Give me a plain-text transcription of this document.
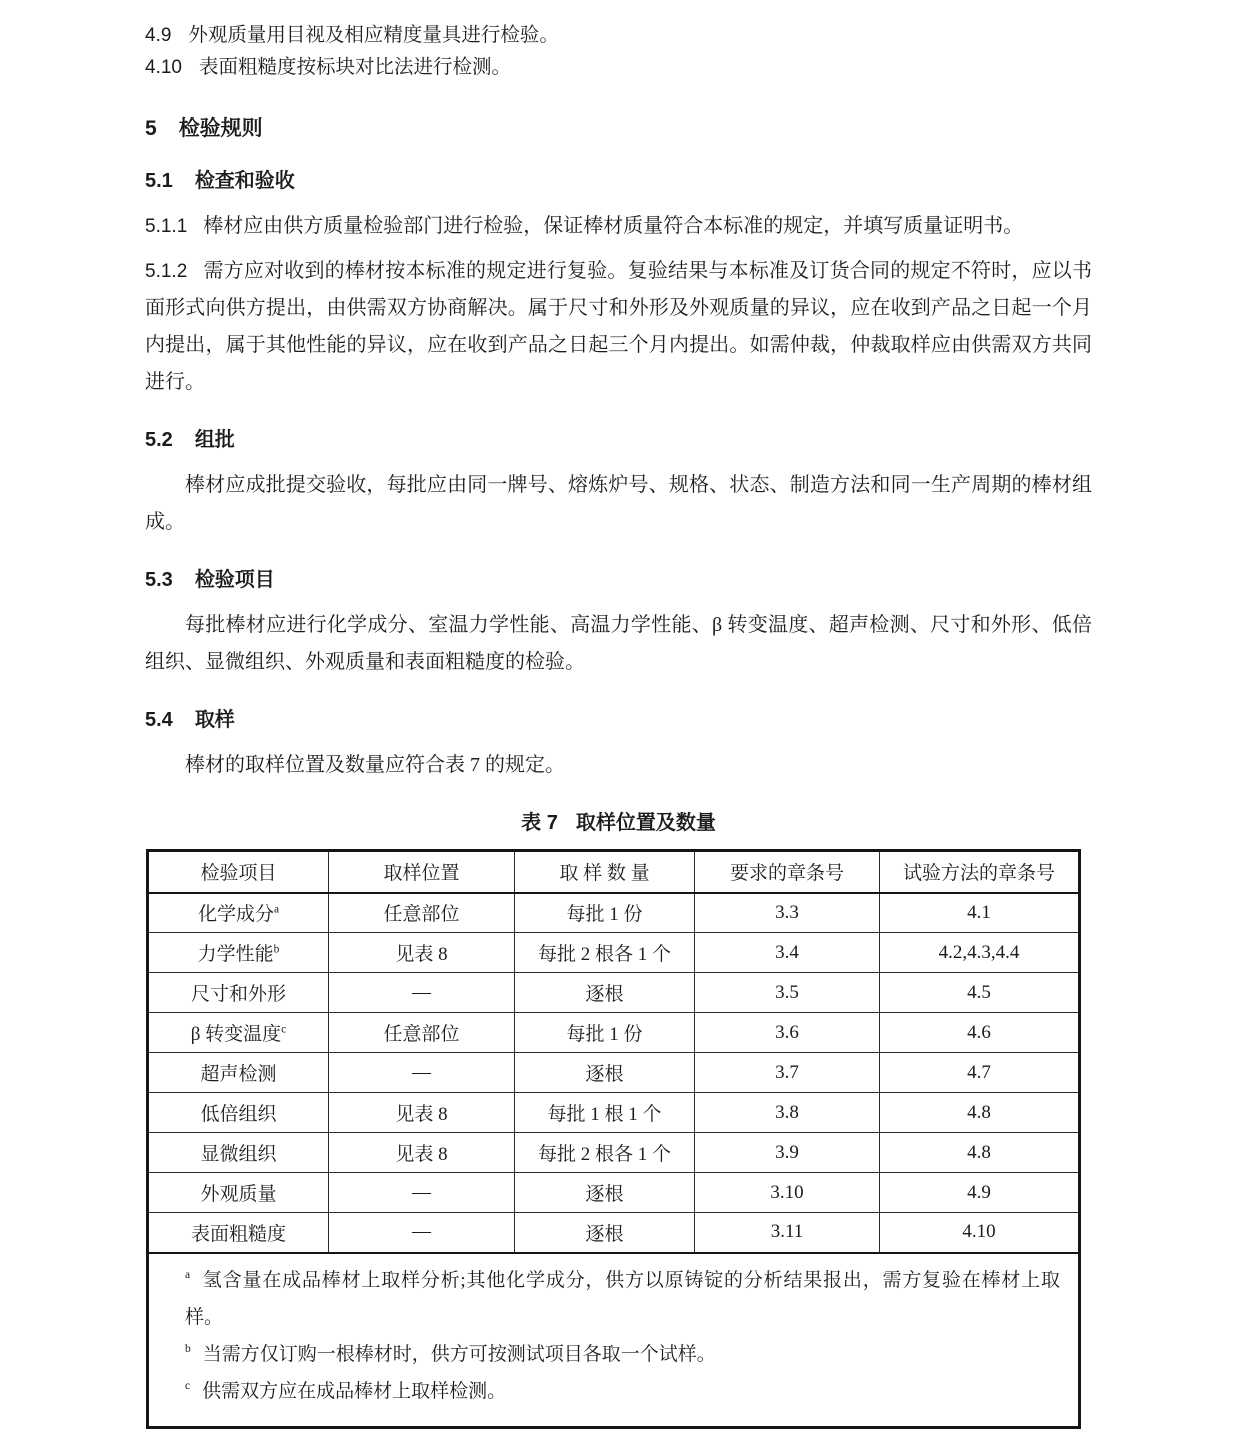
4.9 外观质量用目视及相应精度量具进行检验。

4.10 表面粗糙度按标块对比法进行检测。

5 检验规则
5.1 检查和验收

5.1.1 棒材应由供方质量检验部门进行检验，保证棒材质量符合本标准的规定，并填写质量证明书。

5.1.2 需方应对收到的棒材按本标准的规定进行复验。复验结果与本标准及订货合同的规定不符时，应以书面形式向供方提出，由供需双方协商解决。属于尺寸和外形及外观质量的异议，应在收到产品之日起一个月内提出，属于其他性能的异议，应在收到产品之日起三个月内提出。如需仲裁，仲裁取样应由供需双方共同进行。

5.2 组批

棒材应成批提交验收，每批应由同一牌号、熔炼炉号、规格、状态、制造方法和同一生产周期的棒材组成。

5.3 检验项目

每批棒材应进行化学成分、室温力学性能、高温力学性能、β 转变温度、超声检测、尺寸和外形、低倍组织、显微组织、外观质量和表面粗糙度的检验。

5.4 取样

棒材的取样位置及数量应符合表 7 的规定。

表 7 取样位置及数量
检验项目	取样位置	取 样 数 量	要求的章条号	试验方法的章条号
化学成分$^a$	任意部位	每批 1 份	3.3	4.1
力学性能$^b$	见表 8	每批 2 根各 1 个	3.4	4.2,4.3,4.4
尺寸和外形	—	逐根	3.5	4.5
β 转变温度$^c$	任意部位	每批 1 份	3.6	4.6
超声检测	—	逐根	3.7	4.7
低倍组织	见表 8	每批 1 根 1 个	3.8	4.8
显微组织	见表 8	每批 2 根各 1 个	3.9	4.8
外观质量	—	逐根	3.10	4.9
表面粗糙度	—	逐根	3.11	4.10

$^a$ 氢含量在成品棒材上取样分析;其他化学成分，供方以原铸锭的分析结果报出，需方复验在棒材上取样。
$^b$ 当需方仅订购一根棒材时，供方可按测试项目各取一个试样。
$^c$ 供需双方应在成品棒材上取样检测。				
